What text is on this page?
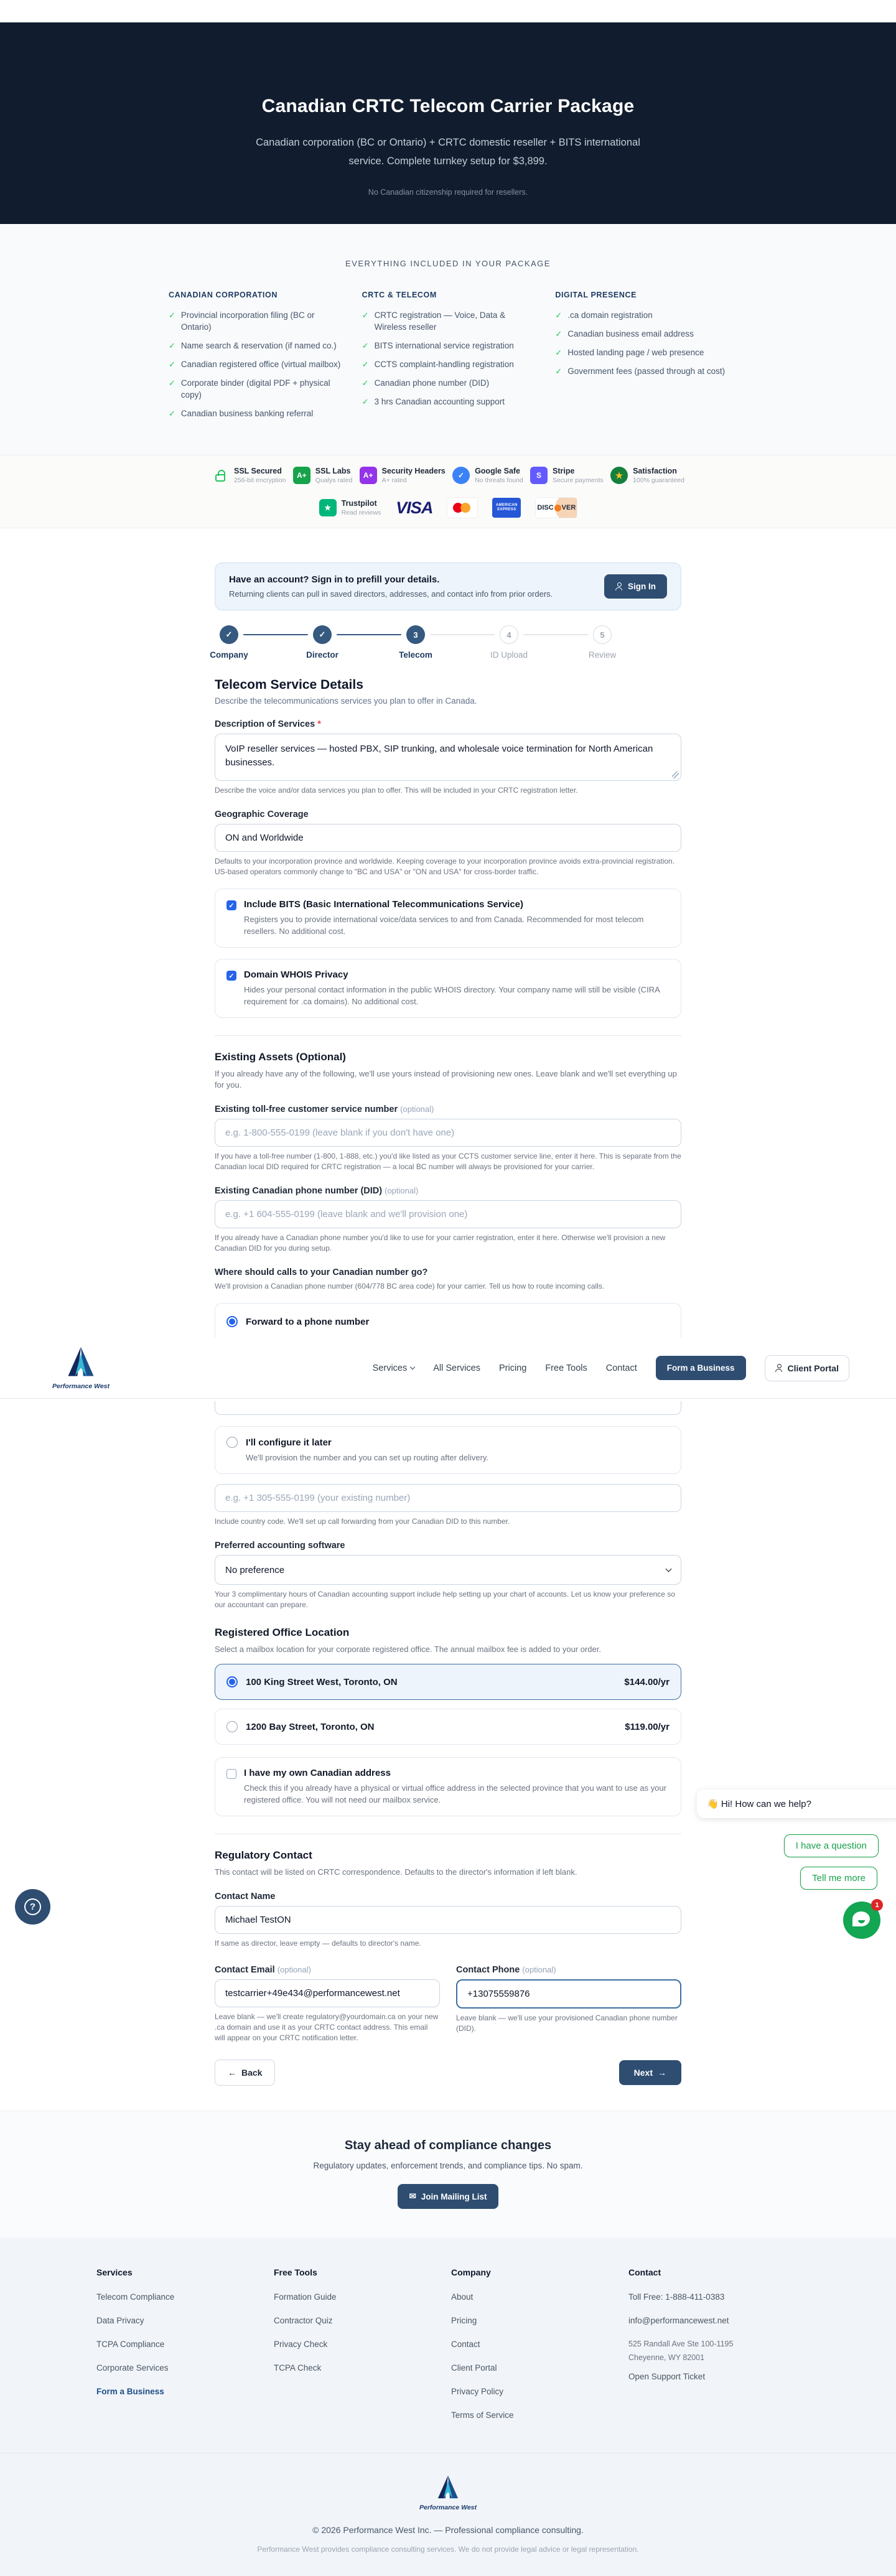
Canadian CRTC Telecom Carrier Package
Canadian corporation (BC or Ontario) + CRTC domestic reseller + BITS international service. Complete turnkey setup for $3,899.
No Canadian citizenship required for resellers.
EVERYTHING INCLUDED IN YOUR PACKAGE
CANADIAN CORPORATION
✓ Provincial incorporation filing (BC or Ontario)
✓ Name search & reservation (if named co.)
✓ Canadian registered office (virtual mailbox)
✓ Corporate binder (digital PDF + physical copy)
✓ Canadian business banking referral
CRTC & TELECOM
✓ CRTC registration — Voice, Data & Wireless reseller
✓ BITS international service registration
✓ CCTS complaint-handling registration
✓ Canadian phone number (DID)
✓ 3 hrs Canadian accounting support
DIGITAL PRESENCE
✓ .ca domain registration
✓ Canadian business email address
✓ Hosted landing page / web presence
✓ Government fees (passed through at cost)
SSL Secured
256-bit encryption
A+	SSL Labs
Qualys rated
A+	Security Headers
A+ rated
✓	Google Safe
No threats found
S	Stripe
Secure payments
★	Satisfaction
100% guaranteed
★	Trustpilot
Read reviews VISA	AMERICAN EXPRESS	DISC VER
Have an account? Sign in to prefill your details.
Returning clients can pull in saved directors, addresses, and contact info from prior orders.
Sign In
✓
Company
✓
Director
3
Telecom
4
ID Upload
5
Review
Telecom Service Details
Describe the telecommunications services you plan to offer in Canada.
Description of Services *
VoIP reseller services — hosted PBX, SIP trunking, and wholesale voice termination for North American businesses.
Describe the voice and/or data services you plan to offer. This will be included in your CRTC registration letter.
Geographic Coverage
ON and Worldwide
Defaults to your incorporation province and worldwide. Keeping coverage to your incorporation province avoids extra-provincial registration. US-based operators commonly change to "BC and USA" or "ON and USA" for cross-border traffic.
✓ Include BITS (Basic International Telecommunications Service)
Registers you to provide international voice/data services to and from Canada. Recommended for most telecom resellers. No additional cost.
✓ Domain WHOIS Privacy
Hides your personal contact information in the public WHOIS directory. Your company name will still be visible (CIRA requirement for .ca domains). No additional cost.
Existing Assets (Optional)
If you already have any of the following, we'll use yours instead of provisioning new ones. Leave blank and we'll set everything up for you.
Existing toll-free customer service number (optional)
e.g. 1-800-555-0199 (leave blank if you don't have one)
If you have a toll-free number (1-800, 1-888, etc.) you'd like listed as your CCTS customer service line, enter it here. This is separate from the Canadian local DID required for CRTC registration — a local BC number will always be provisioned for your carrier.
Existing Canadian phone number (DID) (optional)
e.g. +1 604-555-0199 (leave blank and we'll provision one)
If you already have a Canadian phone number you'd like to use for your carrier registration, enter it here. Otherwise we'll provision a new Canadian DID for you during setup.
Where should calls to your Canadian number go?
We'll provision a Canadian phone number (604/778 BC area code) for your carrier. Tell us how to route incoming calls.
Forward to a phone number
I'll configure it later
We'll provision the number and you can set up routing after delivery.
e.g. +1 305-555-0199 (your existing number)
Include country code. We'll set up call forwarding from your Canadian DID to this number.
Preferred accounting software
No preference
Your 3 complimentary hours of Canadian accounting support include help setting up your chart of accounts. Let us know your preference so our accountant can prepare.
Registered Office Location
Select a mailbox location for your corporate registered office. The annual mailbox fee is added to your order.
100 King Street West, Toronto, ON	$144.00/yr
1200 Bay Street, Toronto, ON	$119.00/yr
I have my own Canadian address
Check this if you already have a physical or virtual office address in the selected province that you want to use as your registered office. You will not need our mailbox service.
Regulatory Contact
This contact will be listed on CRTC correspondence. Defaults to the director's information if left blank.
Contact Name
Michael TestON
If same as director, leave empty — defaults to director's name.
Contact Email (optional)
testcarrier+49e434@performancewest.net
Leave blank — we'll create regulatory@yourdomain.ca on your new .ca domain and use it as your CRTC contact address. This email will appear on your CRTC notification letter.
Contact Phone (optional)
+13075559876
Leave blank — we'll use your provisioned Canadian phone number (DID).
← Back	Next →
Performance West
Services	All Services Pricing Free Tools Contact	Form a Business	Client Portal
👋 Hi! How can we help?
I have a question
Tell me more
1
?
Stay ahead of compliance changes
Regulatory updates, enforcement trends, and compliance tips. No spam.
✉ Join Mailing List
Services
Telecom Compliance
Data Privacy
TCPA Compliance
Corporate Services
Form a Business
Free Tools
Formation Guide
Contractor Quiz
Privacy Check
TCPA Check
Company
About
Pricing
Contact
Client Portal
Privacy Policy
Terms of Service
Contact
Toll Free: 1-888-411-0383
info@performancewest.net
525 Randall Ave Ste 100-1195
Cheyenne, WY 82001
Open Support Ticket
Performance West
© 2026 Performance West Inc. — Professional compliance consulting.
Performance West provides compliance consulting services. We do not provide legal advice or legal representation.
